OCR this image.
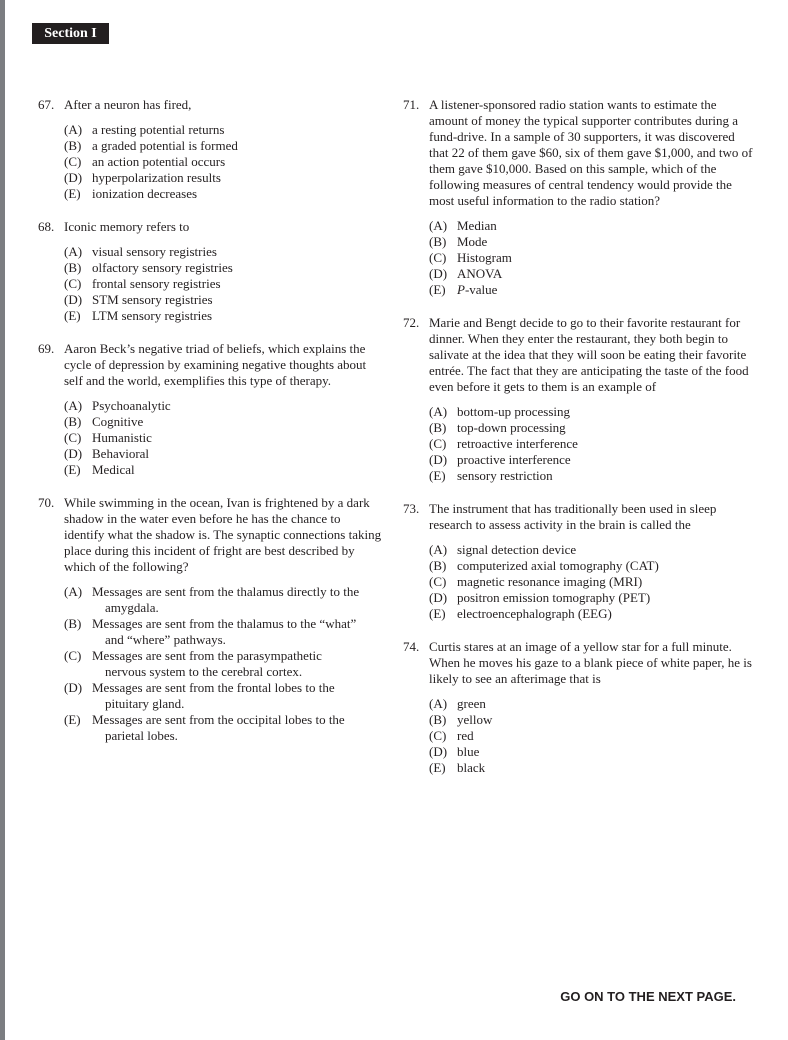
Section I
67. After a neuron has fired,
(A) a resting potential returns
(B) a graded potential is formed
(C) an action potential occurs
(D) hyperpolarization results
(E) ionization decreases
68. Iconic memory refers to
(A) visual sensory registries
(B) olfactory sensory registries
(C) frontal sensory registries
(D) STM sensory registries
(E) LTM sensory registries
69. Aaron Beck’s negative triad of beliefs, which explains the cycle of depression by examining negative thoughts about self and the world, exemplifies this type of therapy.
(A) Psychoanalytic
(B) Cognitive
(C) Humanistic
(D) Behavioral
(E) Medical
70. While swimming in the ocean, Ivan is frightened by a dark shadow in the water even before he has the chance to identify what the shadow is. The synaptic connections taking place during this incident of fright are best described by which of the following?
(A) Messages are sent from the thalamus directly to the
amygdala.
(B) Messages are sent from the thalamus to the “what”
and “where” pathways.
(C) Messages are sent from the parasympathetic
nervous system to the cerebral cortex.
(D) Messages are sent from the frontal lobes to the
pituitary gland.
(E) Messages are sent from the occipital lobes to the
parietal lobes.
71. A listener-sponsored radio station wants to estimate the amount of money the typical supporter contributes during a fund-drive. In a sample of 30 supporters, it was discovered that 22 of them gave $60, six of them gave $1,000, and two of them gave $10,000. Based on this sample, which of the following measures of central tendency would provide the most useful information to the radio station?
(A) Median
(B) Mode
(C) Histogram
(D) ANOVA
(E) P-value
72. Marie and Bengt decide to go to their favorite restaurant for dinner. When they enter the restaurant, they both begin to salivate at the idea that they will soon be eating their favorite entrée. The fact that they are anticipating the taste of the food even before it gets to them is an example of
(A) bottom-up processing
(B) top-down processing
(C) retroactive interference
(D) proactive interference
(E) sensory restriction
73. The instrument that has traditionally been used in sleep research to assess activity in the brain is called the
(A) signal detection device
(B) computerized axial tomography (CAT)
(C) magnetic resonance imaging (MRI)
(D) positron emission tomography (PET)
(E) electroencephalograph (EEG)
74. Curtis stares at an image of a yellow star for a full minute. When he moves his gaze to a blank piece of white paper, he is likely to see an afterimage that is
(A) green
(B) yellow
(C) red
(D) blue
(E) black
GO ON TO THE NEXT PAGE.
